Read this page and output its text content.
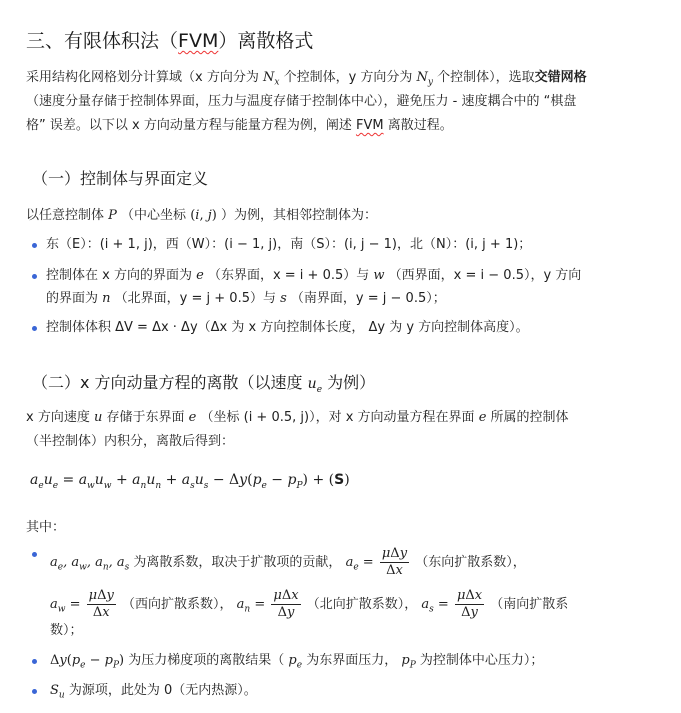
三、有限体积法（FVM）离散格式
采用结构化网格划分计算域（x 方向分为 $N_x$ 个控制体，y 方向分为 $N_y$ 个控制体），选取交错网格
（速度分量存储于控制体界面，压力与温度存储于控制体中心），避免压力 - 速度耦合中的 “棋盘
格” 误差。以下以 x 方向动量方程与能量方程为例，阐述 FVM 离散过程。
（一）控制体与界面定义
以任意控制体 P （中心坐标 (i, j) ）为例，其相邻控制体为：
东（E）：(i + 1, j)，西（W）：(i − 1, j)，南（S）：(i, j − 1)，北（N）：(i, j + 1)；
控制体在 x 方向的界面为 e （东界面，x = i + 0.5）与 w （西界面，x = i − 0.5），y 方向
的界面为 n （北界面，y = j + 0.5）与 s （南界面，y = j − 0.5）；
控制体体积 ΔV = Δx · Δy（Δx 为 x 方向控制体长度， Δy 为 y 方向控制体高度）。
（二）x 方向动量方程的离散（以速度 $u_e$ 为例）
x 方向速度 u 存储于东界面 e （坐标 (i + 0.5, j)），对 x 方向动量方程在界面 e 所属的控制体
（半控制体）内积分，离散后得到：
$a_eu_e = a_wu_w + a_nu_n + a_su_s - \Delta y(p_e - p_P) + (S)$
其中：
$a_e$, $a_w$, $a_n$, $a_s$ 为离散系数，取决于扩散项的贡献， $a_e = \frac{\text{μΔy}}{\Delta x}$ （东向扩散系数），
$a_w = \frac{\text{μΔy}}{\Delta x}$ （西向扩散系数）， $a_n = \frac{\text{μΔx}}{\Delta y}$ （北向扩散系数）， $a_s = \frac{\text{μΔx}}{\Delta y}$ （南向扩散系
数）；
$\Delta y(p_e - p_P)$ 为压力梯度项的离散结果（ $p_e$ 为东界面压力， $p_P$ 为控制体中心压力）；
$S_u$ 为源项，此处为 0（无内热源）。
